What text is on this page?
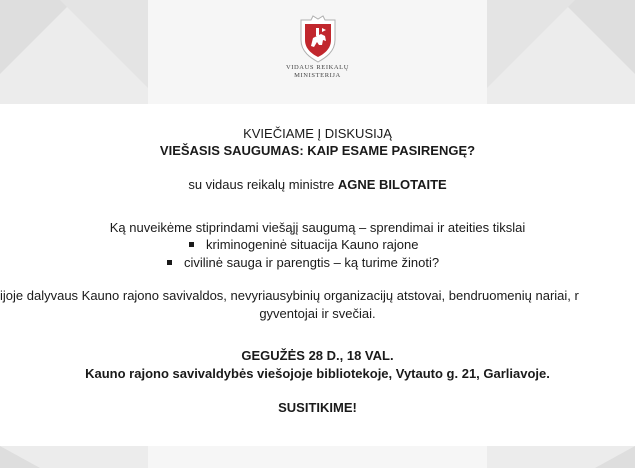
VIDAUS REIKALŲ
MINISTERIJA
KVIEČIAME Į DISKUSIJĄ
VIEŠASIS SAUGUMAS: KAIP ESAME PASIRENGĘ?
su vidaus reikalų ministre AGNE BILOTAITE
Ką nuveikėme stiprindami viešąjį saugumą – sprendimai ir ateities tikslai
kriminogeninė situacija Kauno rajone
civilinė sauga ir parengtis – ką turime žinoti?
ijoje dalyvaus Kauno rajono savivaldos, nevyriausybinių organizacijų atstovai, bendruomenių nariai, r
gyventojai ir svečiai.
GEGUŽĖS 28 D., 18 VAL.
Kauno rajono savivaldybės viešojoje bibliotekoje, Vytauto g. 21, Garliavoje.
SUSITIKIME!
